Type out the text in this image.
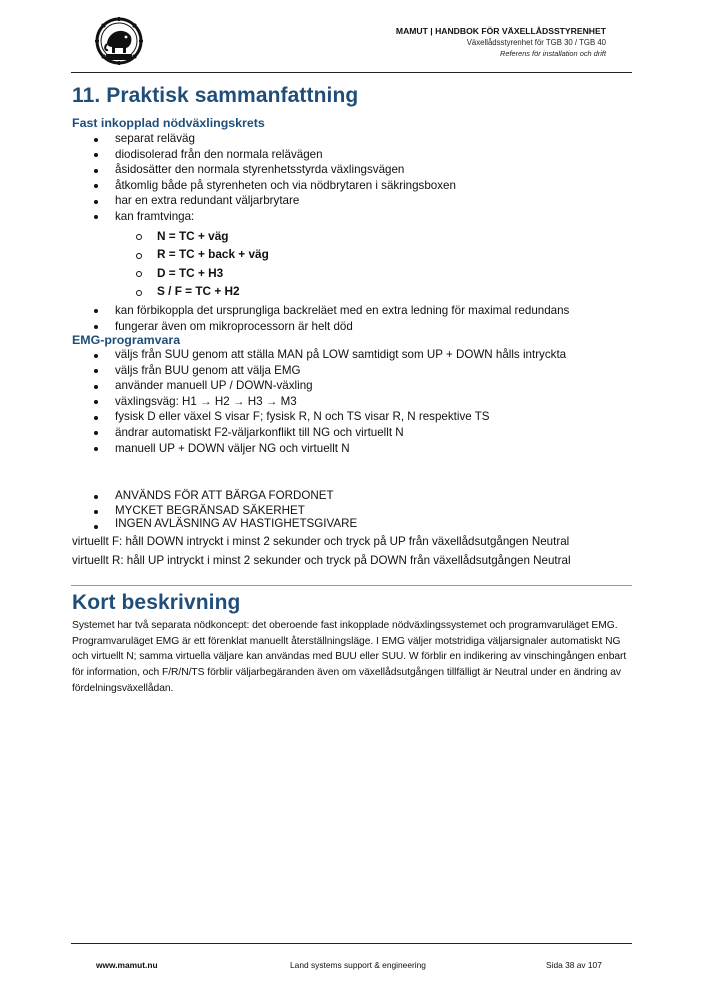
MAMUT | HANDBOK FÖR VÄXELLÅDSSTYRENHET
Växellådsstyrenhet för TGB 30 / TGB 40
Referens för installation och drift
11. Praktisk sammanfattning
Fast inkopplad nödväxlingskrets
separat reläväg
diodisolerad från den normala relävägen
åsidosätter den normala styrenhetsstyrda växlingsvägen
åtkomlig både på styrenheten och via nödbrytaren i säkringsboxen
har en extra redundant väljarbrytare
kan framtvinga:
N = TC + väg
R = TC + back + väg
D = TC + H3
S / F = TC + H2
kan förbikoppla det ursprungliga backreläet med en extra ledning för maximal redundans
fungerar även om mikroprocessorn är helt död
EMG-programvara
väljs från SUU genom att ställa MAN på LOW samtidigt som UP + DOWN hålls intryckta
väljs från BUU genom att välja EMG
använder manuell UP / DOWN-växling
växlingsväg: H1 → H2 → H3 → M3
fysisk D eller växel S visar F; fysisk R, N och TS visar R, N respektive TS
ändrar automatiskt F2-väljarkonflikt till NG och virtuellt N
manuell UP + DOWN väljer NG och virtuellt N
ANVÄNDS FÖR ATT BÄRGA FORDONET
MYCKET BEGRÄNSAD SÄKERHET
INGEN AVLÄSNING AV HASTIGHETSGIVARE
virtuellt F: håll DOWN intryckt i minst 2 sekunder och tryck på UP från växellådsutgången Neutral
virtuellt R: håll UP intryckt i minst 2 sekunder och tryck på DOWN från växellådsutgången Neutral
Kort beskrivning
Systemet har två separata nödkoncept: det oberoende fast inkopplade nödväxlingssystemet och programvaruläget EMG. Programvaruläget EMG är ett förenklat manuellt återställningsläge. I EMG väljer motstridiga väljarsignaler automatiskt NG och virtuellt N; samma virtuella väljare kan användas med BUU eller SUU. W förblir en indikering av vinschingången enbart för information, och F/R/N/TS förblir väljarbegäranden även om växellådsutgången tillfälligt är Neutral under en ändring av fördelningsväxellådan.
www.mamut.nu	Land systems support & engineering	Sida 38 av 107
